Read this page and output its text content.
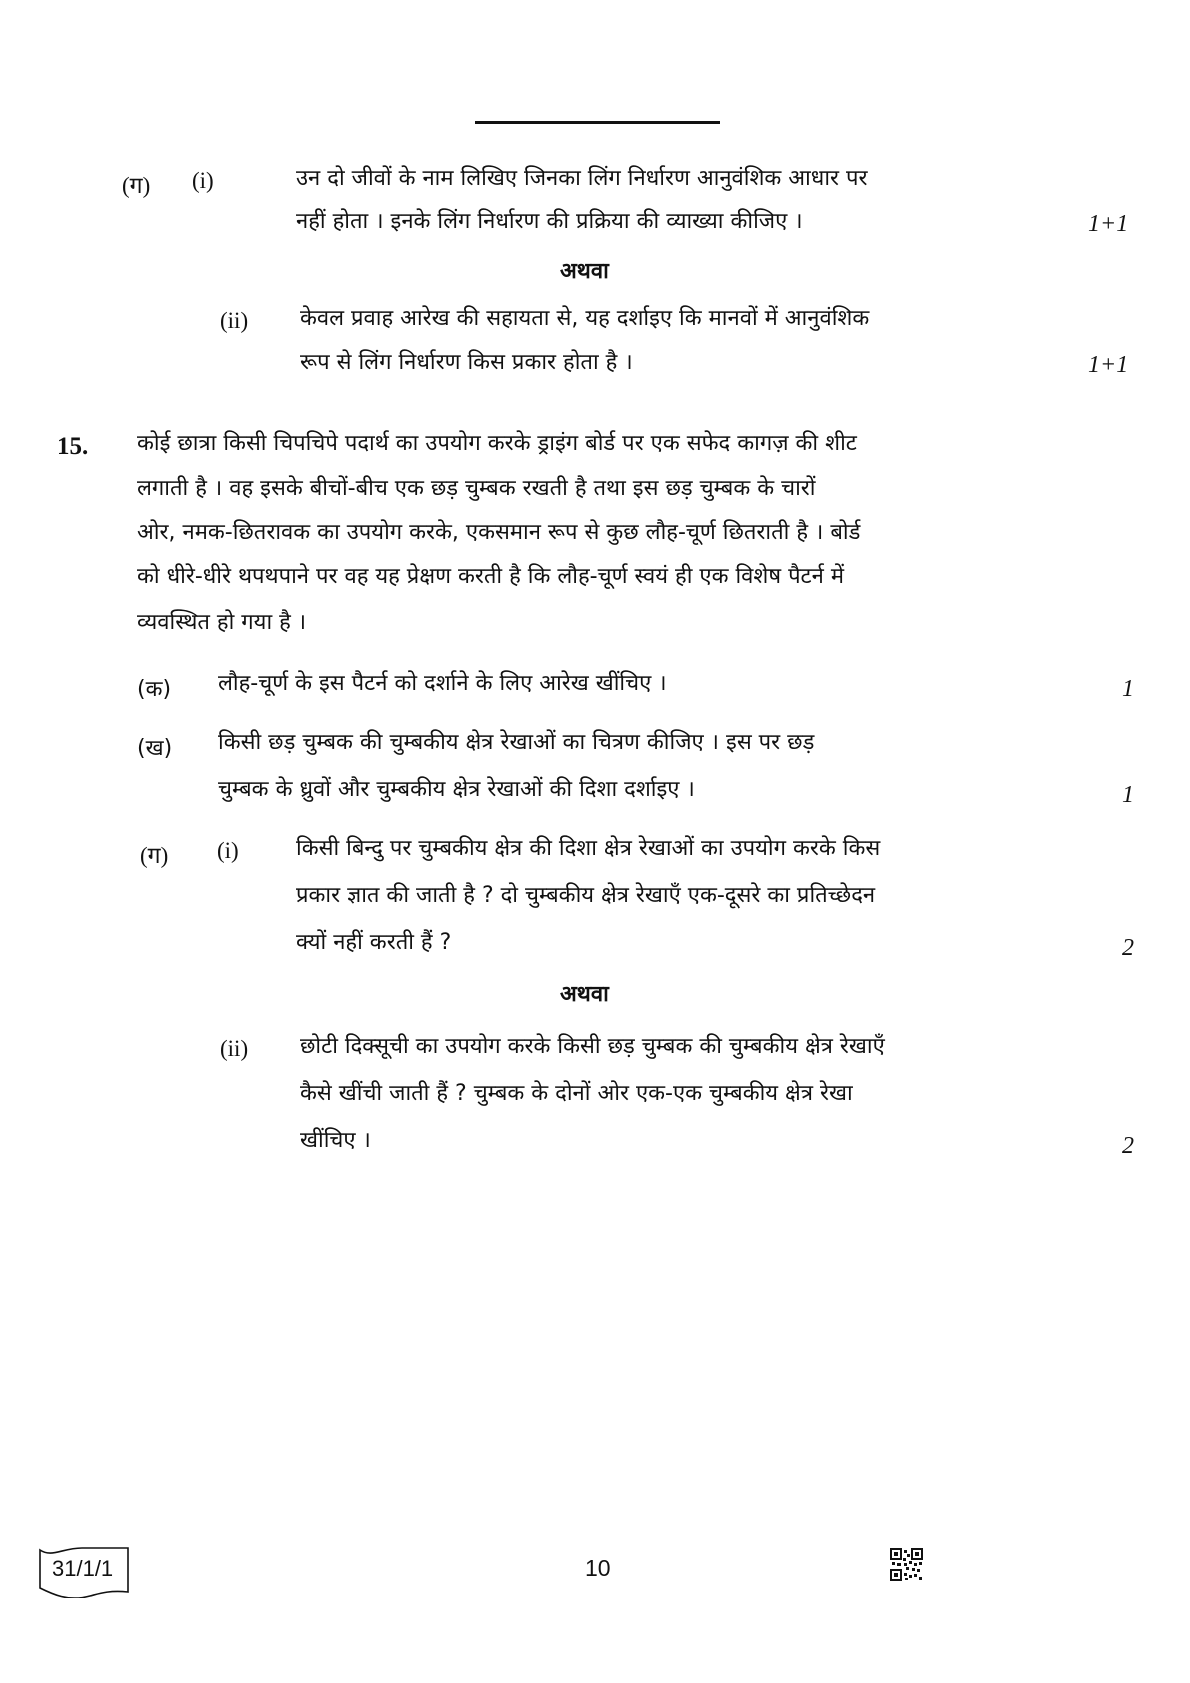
(ग) (i)	उन दो जीवों के नाम लिखिए जिनका लिंग निर्धारण आनुवंशिक आधार पर
नहीं होता । इनके लिंग निर्धारण की प्रक्रिया की व्याख्या कीजिए ।	1+1
अथवा
(ii) केवल प्रवाह आरेख की सहायता से, यह दर्शाइए कि मानवों में आनुवंशिक
रूप से लिंग निर्धारण किस प्रकार होता है ।	1+1
15. कोई छात्रा किसी चिपचिपे पदार्थ का उपयोग करके ड्राइंग बोर्ड पर एक सफेद कागज़ की शीट
लगाती है । वह इसके बीचों-बीच एक छड़ चुम्बक रखती है तथा इस छड़ चुम्बक के चारों
ओर, नमक-छितरावक का उपयोग करके, एकसमान रूप से कुछ लौह-चूर्ण छितराती है । बोर्ड
को धीरे-धीरे थपथपाने पर वह यह प्रेक्षण करती है कि लौह-चूर्ण स्वयं ही एक विशेष पैटर्न में
व्यवस्थित हो गया है ।
(क) लौह-चूर्ण के इस पैटर्न को दर्शाने के लिए आरेख खींचिए ।	1
(ख) किसी छड़ चुम्बक की चुम्बकीय क्षेत्र रेखाओं का चित्रण कीजिए । इस पर छड़
चुम्बक के ध्रुवों और चुम्बकीय क्षेत्र रेखाओं की दिशा दर्शाइए ।	1
(ग) (i)	किसी बिन्दु पर चुम्बकीय क्षेत्र की दिशा क्षेत्र रेखाओं का उपयोग करके किस
प्रकार ज्ञात की जाती है ? दो चुम्बकीय क्षेत्र रेखाएँ एक-दूसरे का प्रतिच्छेदन
क्यों नहीं करती हैं ?	2
अथवा
(ii) छोटी दिक्सूची का उपयोग करके किसी छड़ चुम्बक की चुम्बकीय क्षेत्र रेखाएँ
कैसे खींची जाती हैं ? चुम्बक के दोनों ओर एक-एक चुम्बकीय क्षेत्र रेखा
खींचिए ।	2
31/1/1	10
